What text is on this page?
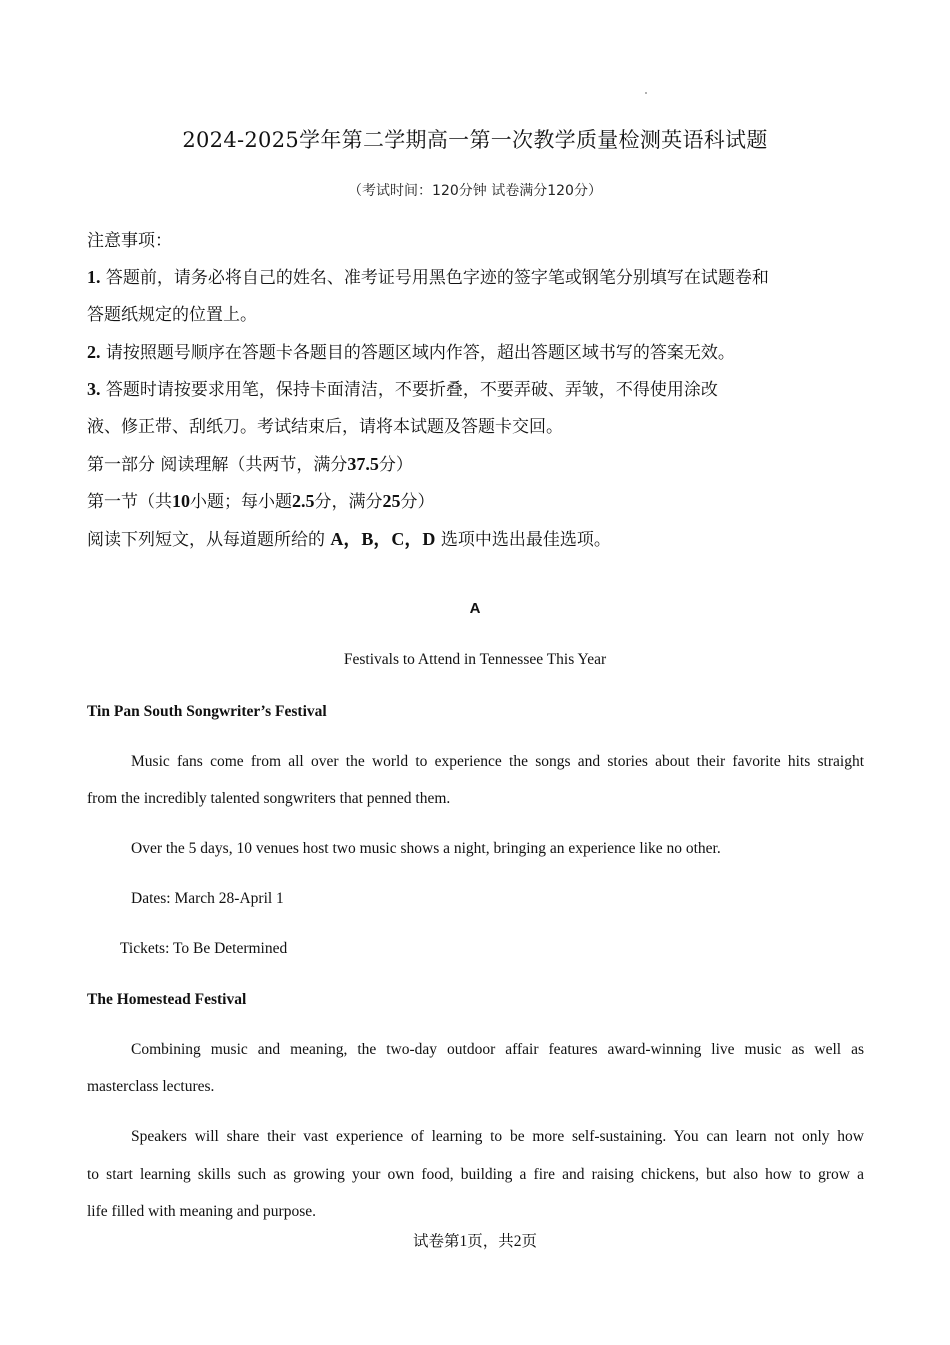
2024-2025学年第二学期高一第一次教学质量检测英语科试题
（考试时间：120分钟 试卷满分120分）
注意事项：
1. 答题前，请务必将自己的姓名、准考证号用黑色字迹的签字笔或钢笔分别填写在试题卷和
答题纸规定的位置上。
2. 请按照题号顺序在答题卡各题目的答题区域内作答，超出答题区域书写的答案无效。
3. 答题时请按要求用笔，保持卡面清洁，不要折叠，不要弄破、弄皱，不得使用涂改
液、修正带、刮纸刀。考试结束后，请将本试题及答题卡交回。
第一部分 阅读理解（共两节，满分37.5分）
第一节（共10小题；每小题2.5分，满分25分）
阅读下列短文，从每道题所给的 A，B，C，D 选项中选出最佳选项。
A
Festivals to Attend in Tennessee This Year
Tin Pan South Songwriter’s Festival
Music fans come from all over the world to experience the songs and stories about their favorite hits straight
from the incredibly talented songwriters that penned them.
Over the 5 days, 10 venues host two music shows a night, bringing an experience like no other.
Dates: March 28-April 1
Tickets: To Be Determined
The Homestead Festival
Combining music and meaning, the two-day outdoor affair features award-winning live music as well as
masterclass lectures.
Speakers will share their vast experience of learning to be more self-sustaining. You can learn not only how
to start learning skills such as growing your own food, building a fire and raising chickens, but also how to grow a
life filled with meaning and purpose.
试卷第1页，共2页
